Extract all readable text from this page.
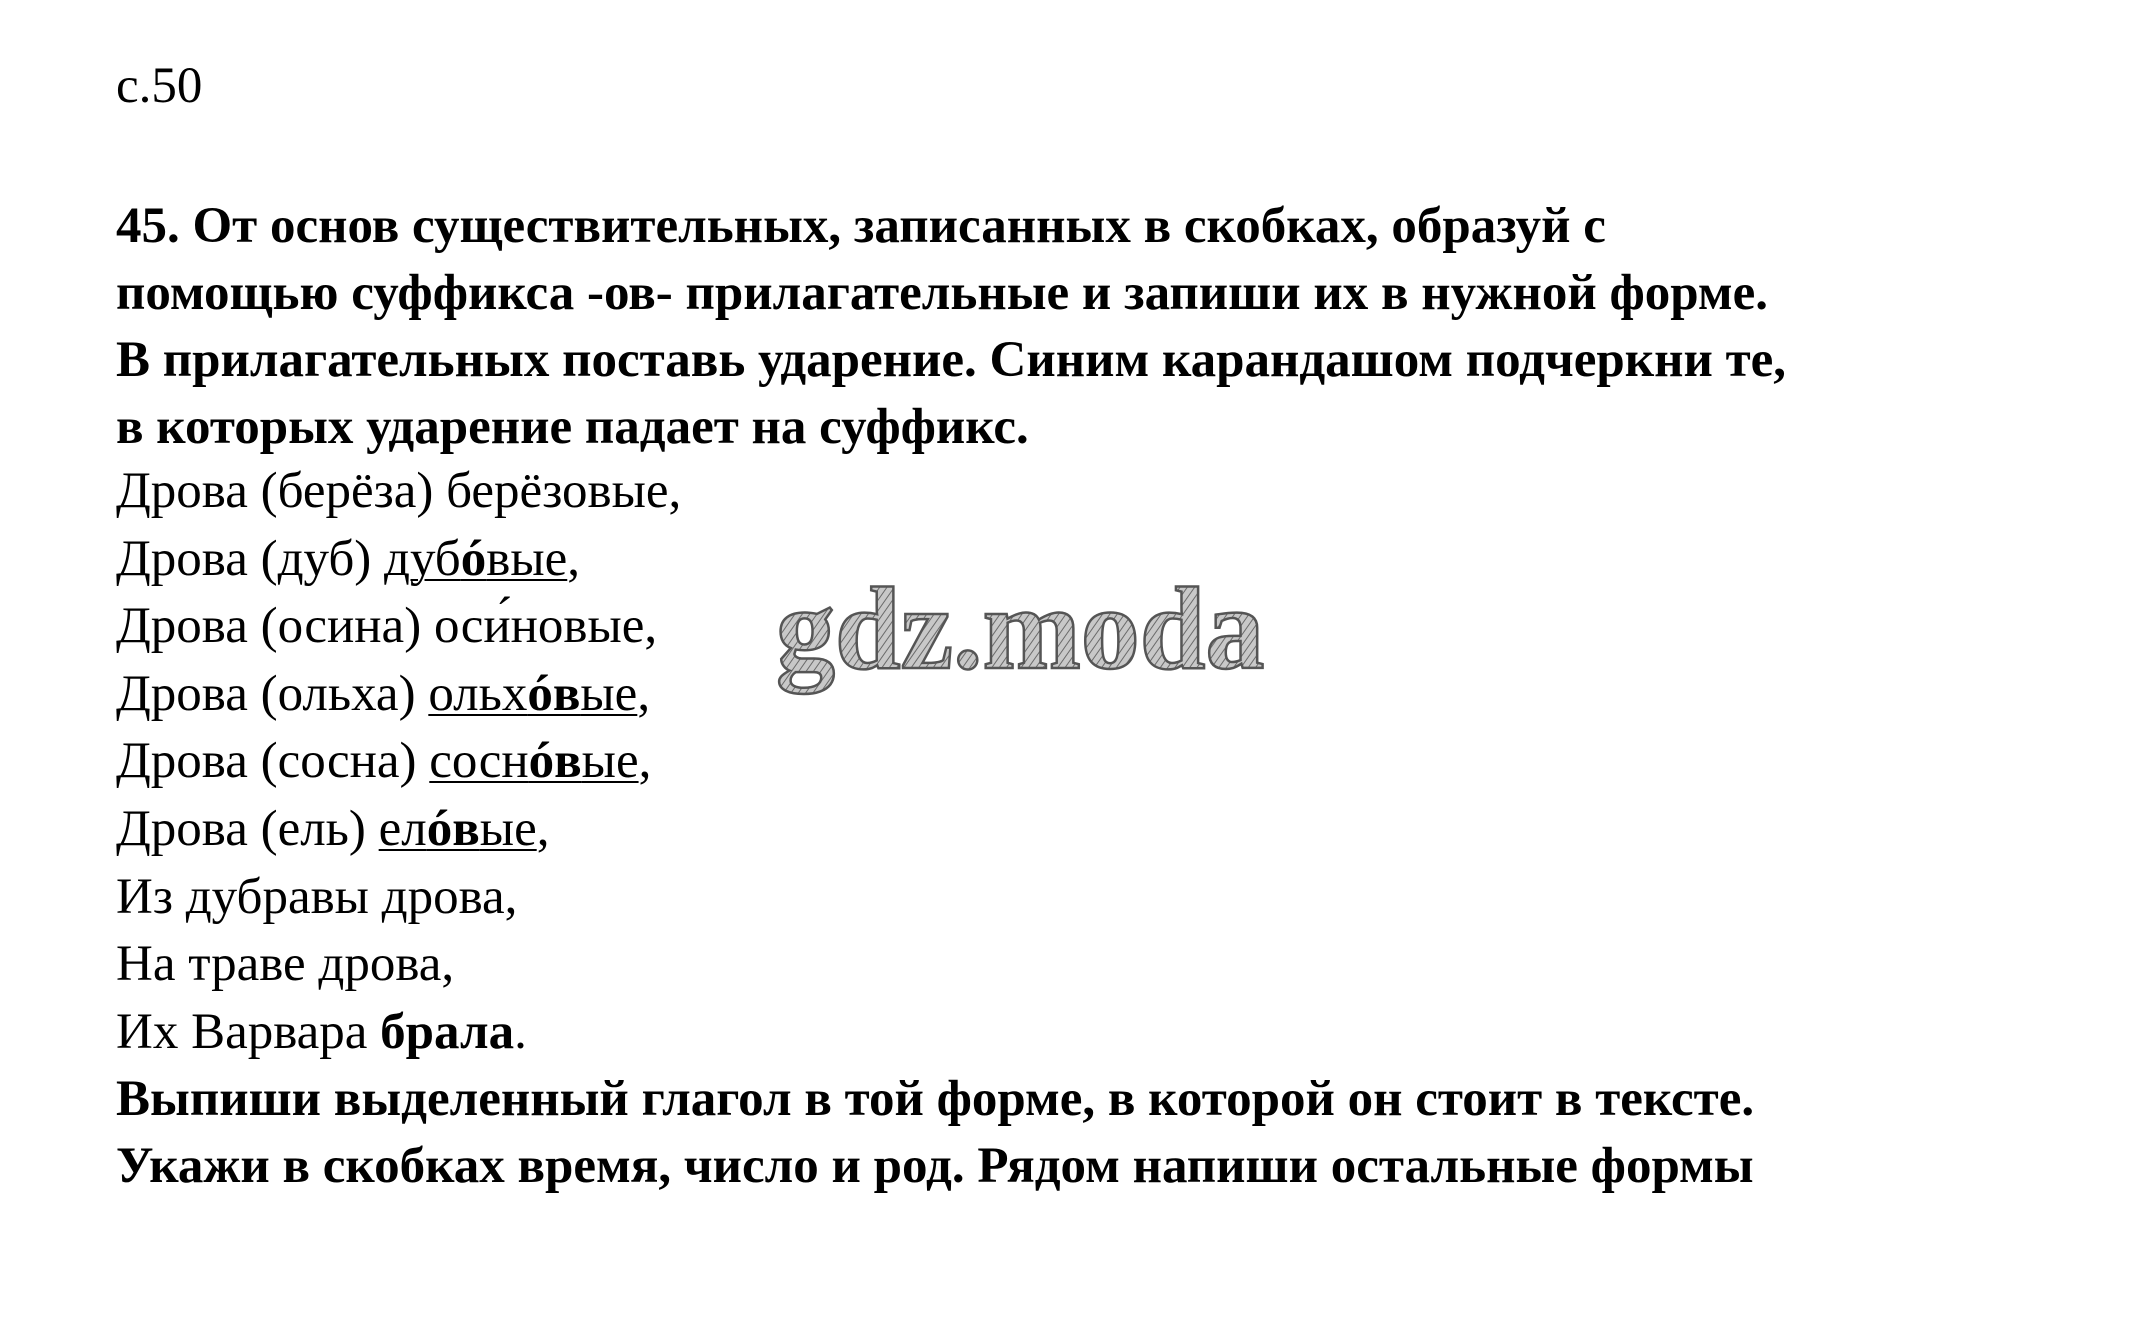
с.50
45. От основ существительных, записанных в скобках, образуй с
помощью суффикса -ов- прилагательные и запиши их в нужной форме.
В прилагательных поставь ударение. Синим карандашом подчеркни те,
в которых ударение падает на суффикс.
Дрова (берёза) берёзовые,
Дрова (дуб) дубóвые,
Дрова (осина) оси́новые,
Дрова (ольха) ольхóвые,
Дрова (сосна) соснóвые,
Дрова (ель) елóвые,
Из дубравы дрова,
На траве дрова,
Их Варвара брала.
Выпиши выделенный глагол в той форме, в которой он стоит в тексте.
Укажи в скобках время, число и род. Рядом напиши остальные формы
gdz.moda
